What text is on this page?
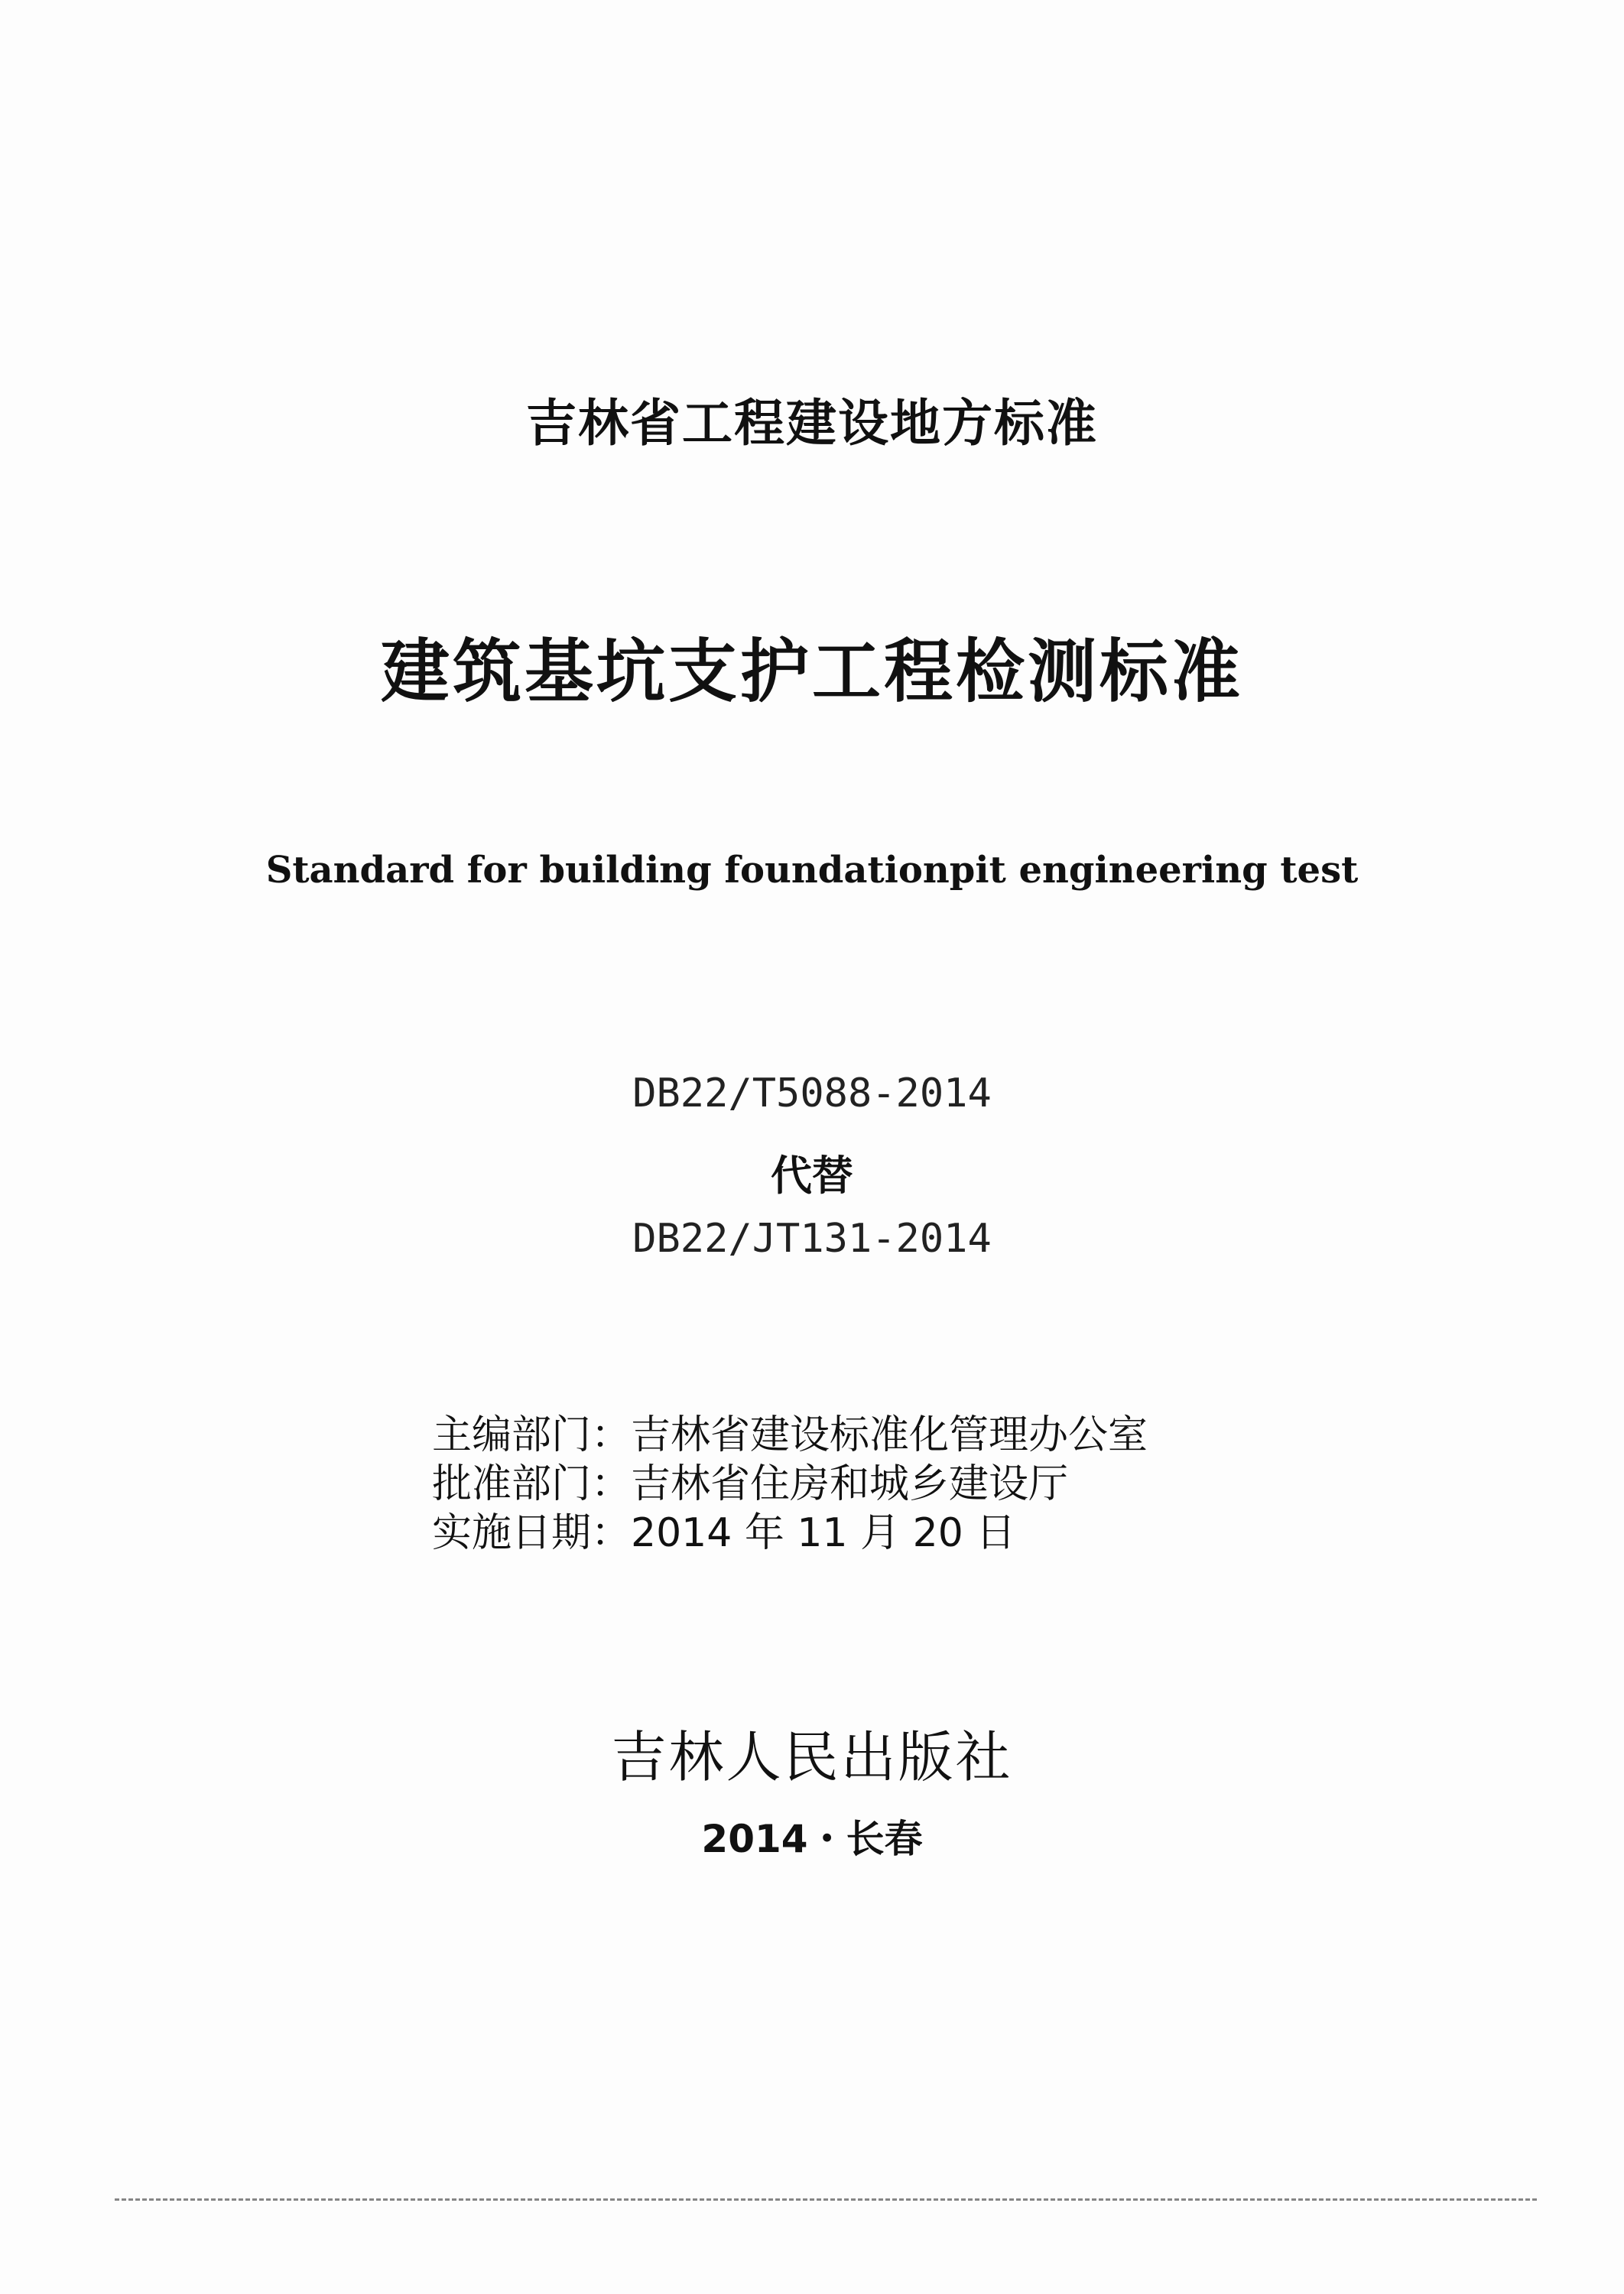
吉林省工程建设地方标准
建筑基坑支护工程检测标准
Standard for building foundationpit engineering test
DB22/T5088-2014
代替
DB22/JT131-2014
主编部门：吉林省建设标准化管理办公室
批准部门：吉林省住房和城乡建设厅
实施日期：2014 年 11 月 20 日
吉林人民出版社
2014・长春
